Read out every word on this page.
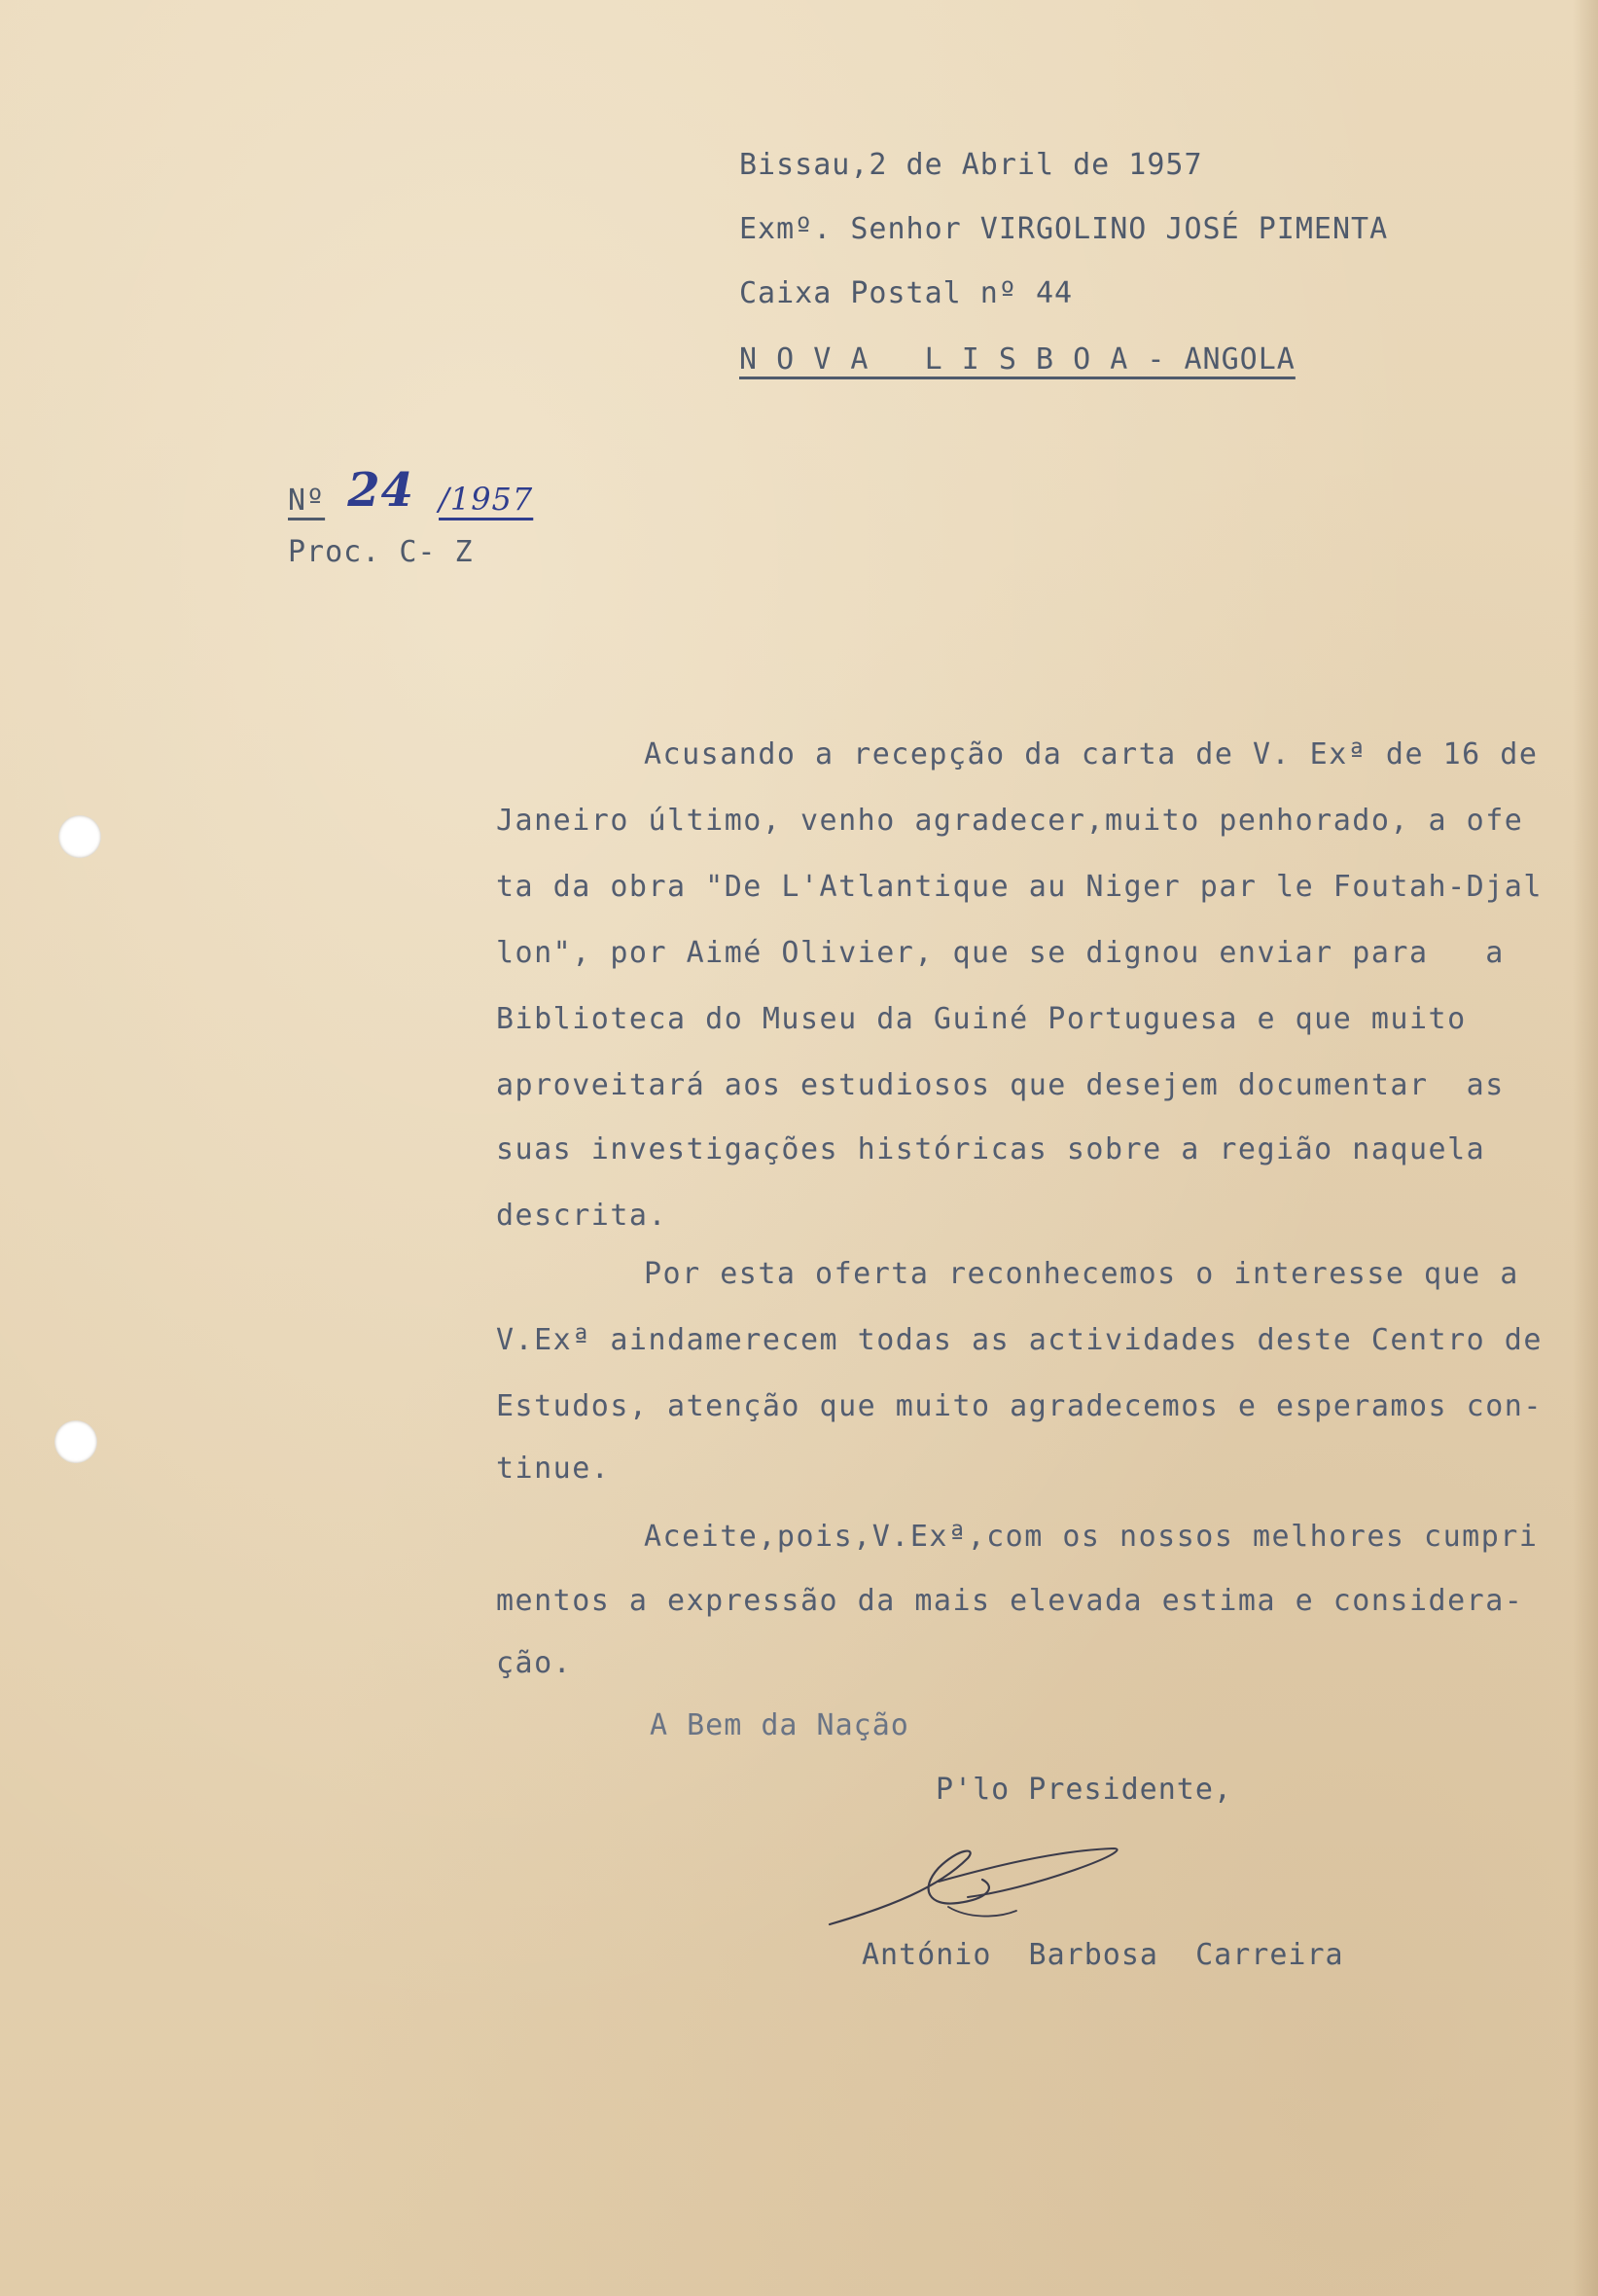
Bissau,2 de Abril de 1957
Exmº. Senhor VIRGOLINO JOSÉ PIMENTA
Caixa Postal nº 44
N O V A   L I S B O A - ANGOLA
Nº 24 /1957
Proc. C- Z
Acusando a recepção da carta de V. Exª de 16 de
Janeiro último, venho agradecer,muito penhorado, a ofe
ta da obra "De L'Atlantique au Niger par le Foutah-Djal
lon", por Aimé Olivier, que se dignou enviar para   a
Biblioteca do Museu da Guiné Portuguesa e que muito
aproveitará aos estudiosos que desejem documentar  as
suas investigações históricas sobre a região naquela
descrita.
Por esta oferta reconhecemos o interesse que a
V.Exª aindamerecem todas as actividades deste Centro de
Estudos, atenção que muito agradecemos e esperamos con-
tinue.
Aceite,pois,V.Exª,com os nossos melhores cumpri
mentos a expressão da mais elevada estima e considera-
ção.
A Bem da Nação
P'lo Presidente,
António  Barbosa  Carreira
